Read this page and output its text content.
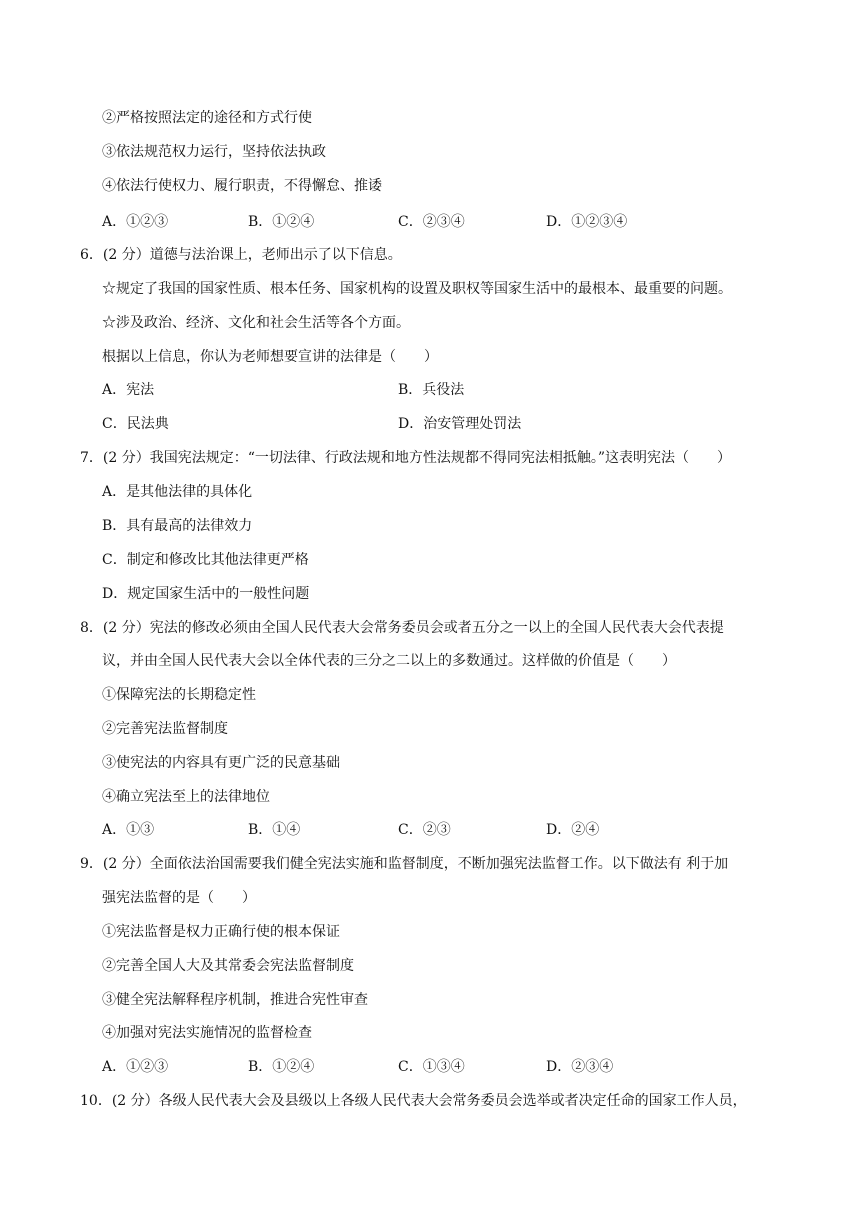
②严格按照法定的途径和方式行使
③依法规范权力运行，坚持依法执政
④依法行使权力、履行职责，不得懈怠、推诿
A．①②③	B．①②④	C．②③④	D．①②③④
6．(2 分）道德与法治课上，老师出示了以下信息。
☆规定了我国的国家性质、根本任务、国家机构的设置及职权等国家生活中的最根本、最重要的问题。
☆涉及政治、经济、文化和社会生活等各个方面。
根据以上信息，你认为老师想要宣讲的法律是（　　）
A．宪法	B．兵役法
C．民法典	D．治安管理处罚法
7．(2 分）我国宪法规定：“一切法律、行政法规和地方性法规都不得同宪法相抵触。”这表明宪法（　　）
A．是其他法律的具体化
B．具有最高的法律效力
C．制定和修改比其他法律更严格
D．规定国家生活中的一般性问题
8．(2 分）宪法的修改必须由全国人民代表大会常务委员会或者五分之一以上的全国人民代表大会代表提
议，并由全国人民代表大会以全体代表的三分之二以上的多数通过。这样做的价值是（　　）
①保障宪法的长期稳定性
②完善宪法监督制度
③使宪法的内容具有更广泛的民意基础
④确立宪法至上的法律地位
A．①③	B．①④	C．②③	D．②④
9．(2 分）全面依法治国需要我们健全宪法实施和监督制度，不断加强宪法监督工作。以下做法有 利于加
强宪法监督的是（　　）
①宪法监督是权力正确行使的根本保证
②完善全国人大及其常委会宪法监督制度
③健全宪法解释程序机制，推进合宪性审查
④加强对宪法实施情况的监督检查
A．①②③	B．①②④	C．①③④	D．②③④
10．(2 分）各级人民代表大会及县级以上各级人民代表大会常务委员会选举或者决定任命的国家工作人员，
